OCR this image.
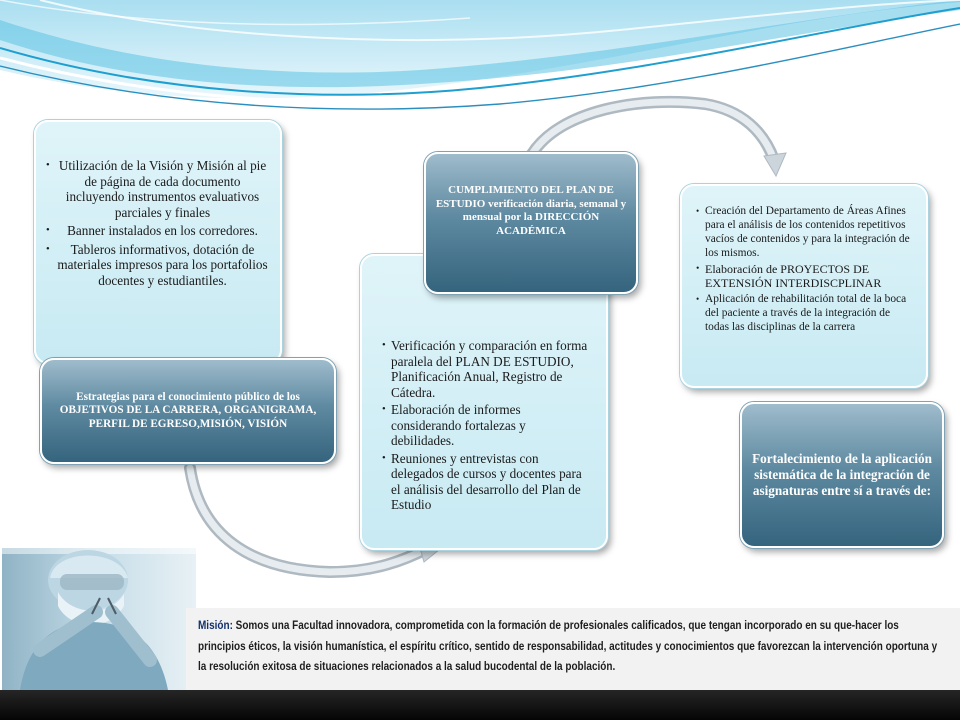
• Utilización de la Visión y Misión al pie de página de cada documento incluyendo instrumentos evaluativos parciales y finales
• Banner instalados en los corredores.
• Tableros informativos, dotación de materiales impresos para los portafolios docentes y estudiantiles.
Estrategias para el conocimiento público de los OBJETIVOS DE LA CARRERA, ORGANIGRAMA, PERFIL DE EGRESO,MISIÓN, VISIÓN
• Verificación y comparación en forma paralela del PLAN DE ESTUDIO, Planificación Anual, Registro de Cátedra.
• Elaboración de informes considerando fortalezas y debilidades.
• Reuniones y entrevistas con delegados de cursos y docentes para el análisis del desarrollo del Plan de Estudio
CUMPLIMIENTO DEL PLAN DE ESTUDIO verificación diaria, semanal y mensual por la DIRECCIÓN ACADÉMICA
• Creación del Departamento de Áreas Afines para el análisis de los contenidos repetitivos vacíos de contenidos y para la integración de los mismos.
• Elaboración de PROYECTOS DE EXTENSIÓN INTERDISCPLINAR
• Aplicación de rehabilitación total de la boca del paciente a través de la integración de todas las disciplinas de la carrera
Fortalecimiento de la aplicación sistemática de la integración de asignaturas entre sí a través de:
Misión: Somos una Facultad innovadora, comprometida con la formación de profesionales calificados, que tengan incorporado en su que-hacer los principios éticos, la visión humanística, el espíritu crítico, sentido de responsabilidad, actitudes y conocimientos que favorezcan la intervención oportuna y la resolución exitosa de situaciones relacionados a la salud bucodental de la población.
